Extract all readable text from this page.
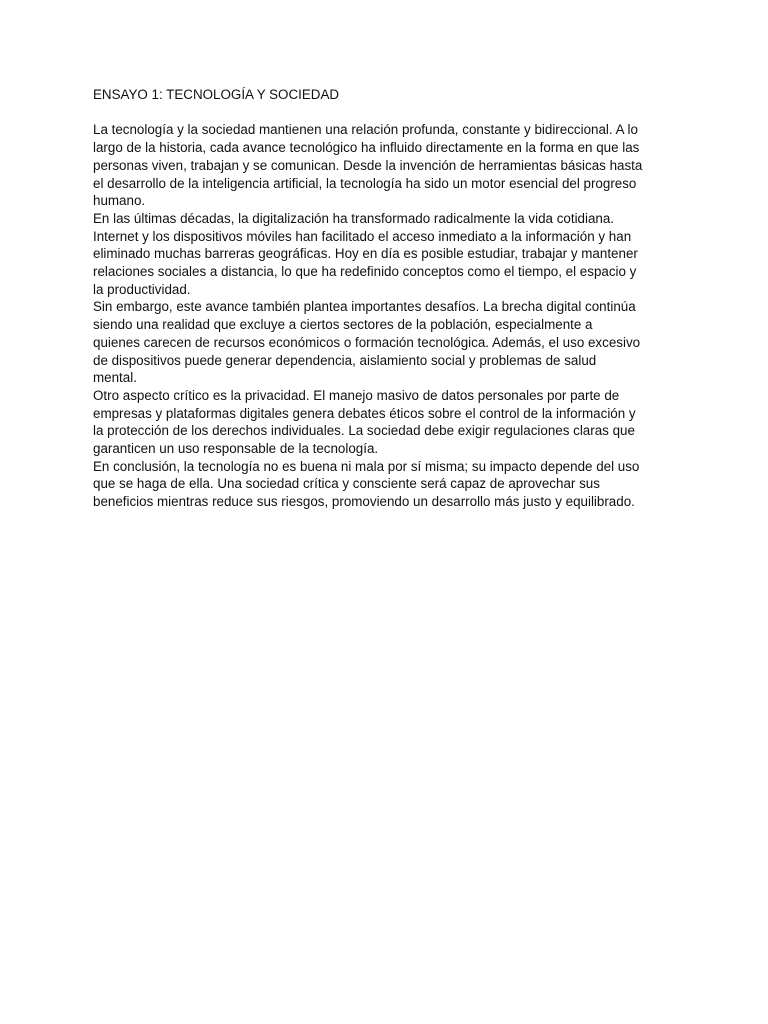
ENSAYO 1: TECNOLOGÍA Y SOCIEDAD

La tecnología y la sociedad mantienen una relación profunda, constante y bidireccional. A lo
largo de la historia, cada avance tecnológico ha influido directamente en la forma en que las
personas viven, trabajan y se comunican. Desde la invención de herramientas básicas hasta
el desarrollo de la inteligencia artificial, la tecnología ha sido un motor esencial del progreso
humano.

En las últimas décadas, la digitalización ha transformado radicalmente la vida cotidiana.
Internet y los dispositivos móviles han facilitado el acceso inmediato a la información y han
eliminado muchas barreras geográficas. Hoy en día es posible estudiar, trabajar y mantener
relaciones sociales a distancia, lo que ha redefinido conceptos como el tiempo, el espacio y
la productividad.

Sin embargo, este avance también plantea importantes desafíos. La brecha digital continúa
siendo una realidad que excluye a ciertos sectores de la población, especialmente a
quienes carecen de recursos económicos o formación tecnológica. Además, el uso excesivo
de dispositivos puede generar dependencia, aislamiento social y problemas de salud
mental.

Otro aspecto crítico es la privacidad. El manejo masivo de datos personales por parte de
empresas y plataformas digitales genera debates éticos sobre el control de la información y
la protección de los derechos individuales. La sociedad debe exigir regulaciones claras que
garanticen un uso responsable de la tecnología.

En conclusión, la tecnología no es buena ni mala por sí misma; su impacto depende del uso
que se haga de ella. Una sociedad crítica y consciente será capaz de aprovechar sus
beneficios mientras reduce sus riesgos, promoviendo un desarrollo más justo y equilibrado.
